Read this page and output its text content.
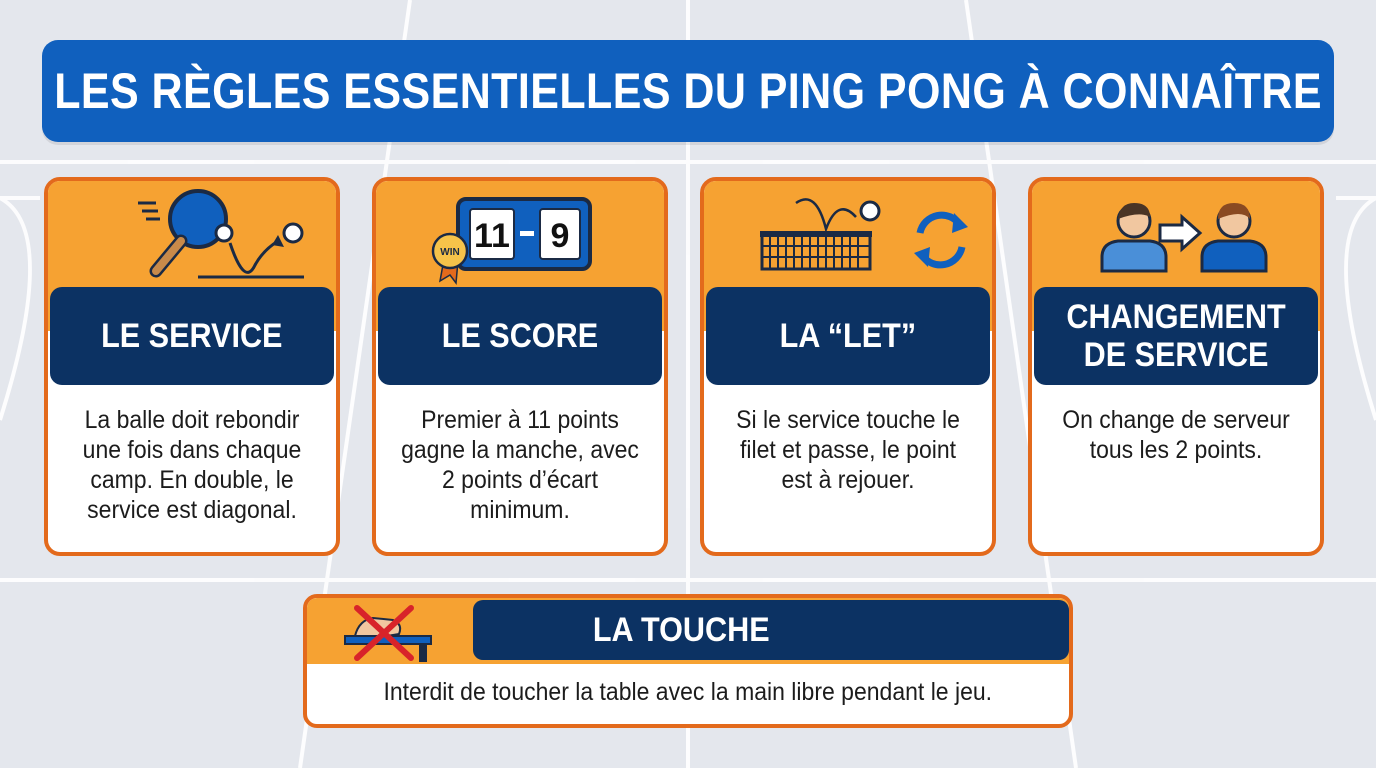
LES RÈGLES ESSENTIELLES DU PING PONG À CONNAÎTRE
LE SERVICE
La balle doit rebondir une fois dans chaque camp. En double, le service est diagonal.
11 9
WIN
LE SCORE
Premier à 11 points gagne la manche, avec 2 points d’écart minimum.
LA “LET”
Si le service touche le filet et passe, le point est à rejouer.
CHANGEMENT DE SERVICE
On change de serveur tous les 2 points.
LA TOUCHE
Interdit de toucher la table avec la main libre pendant le jeu.
